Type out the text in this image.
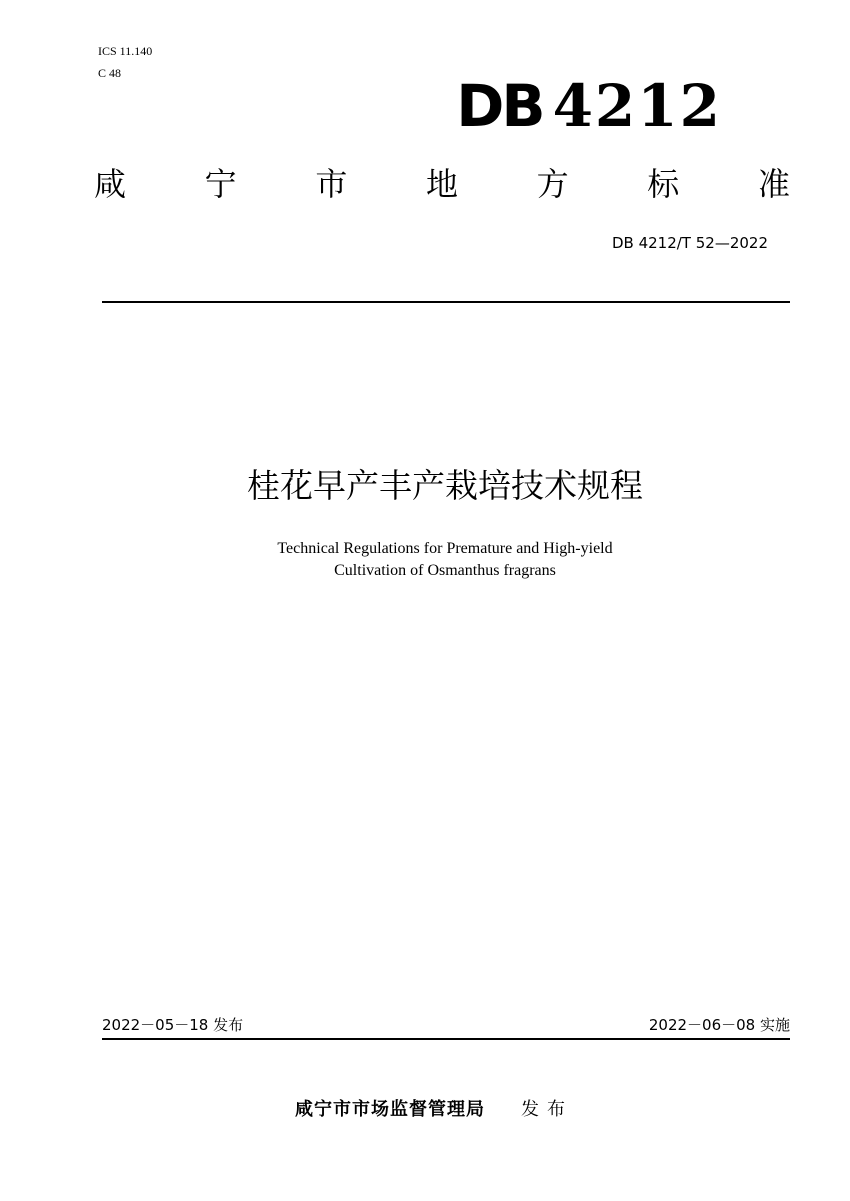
ICS 11.140
C 48	DB 4212
咸 宁 市 地 方 标 准
DB 4212/T 52—2022
桂花早产丰产栽培技术规程
Technical Regulations for Premature and High-yield
Cultivation of Osmanthus fragrans
2022－05－18 发布	2022－06－08 实施
咸宁市市场监督管理局 发布
